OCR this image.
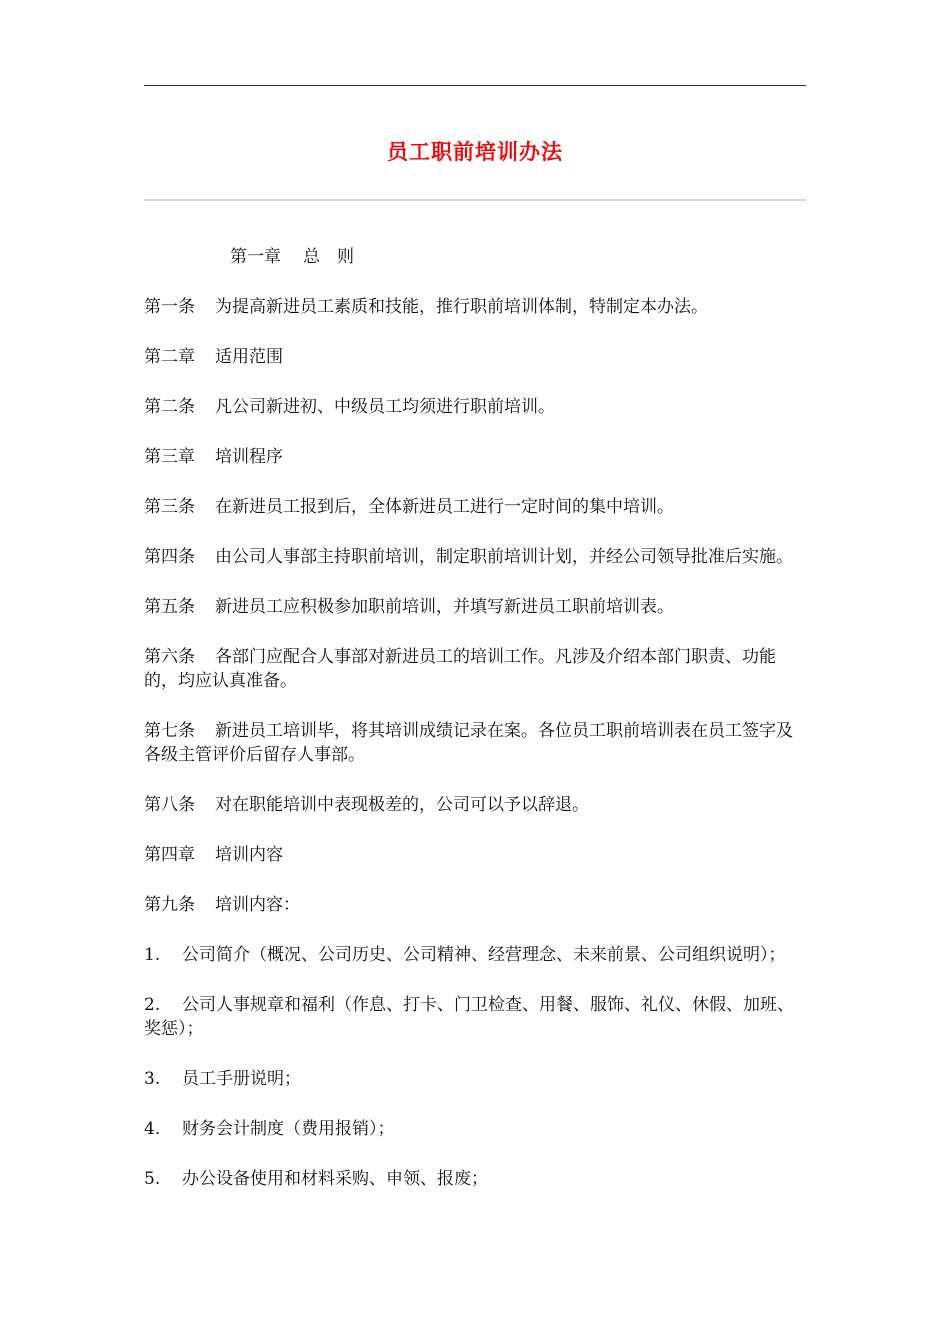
员工职前培训办法

第一章 总　则

第一条 为提高新进员工素质和技能，推行职前培训体制，特制定本办法。

第二章 适用范围

第二条 凡公司新进初、中级员工均须进行职前培训。

第三章 培训程序

第三条 在新进员工报到后，全体新进员工进行一定时间的集中培训。

第四条 由公司人事部主持职前培训，制定职前培训计划，并经公司领导批准后实施。

第五条 新进员工应积极参加职前培训，并填写新进员工职前培训表。

第六条 各部门应配合人事部对新进员工的培训工作。凡涉及介绍本部门职责、功能的，均应认真准备。

第七条 新进员工培训毕，将其培训成绩记录在案。各位员工职前培训表在员工签字及各级主管评价后留存人事部。

第八条 对在职能培训中表现极差的，公司可以予以辞退。

第四章 培训内容

第九条 培训内容：

1. 公司简介（概况、公司历史、公司精神、经营理念、未来前景、公司组织说明）；

2. 公司人事规章和福利（作息、打卡、门卫检查、用餐、服饰、礼仪、休假、加班、奖惩）；

3. 员工手册说明；

4. 财务会计制度（费用报销）；

5. 办公设备使用和材料采购、申领、报废；
